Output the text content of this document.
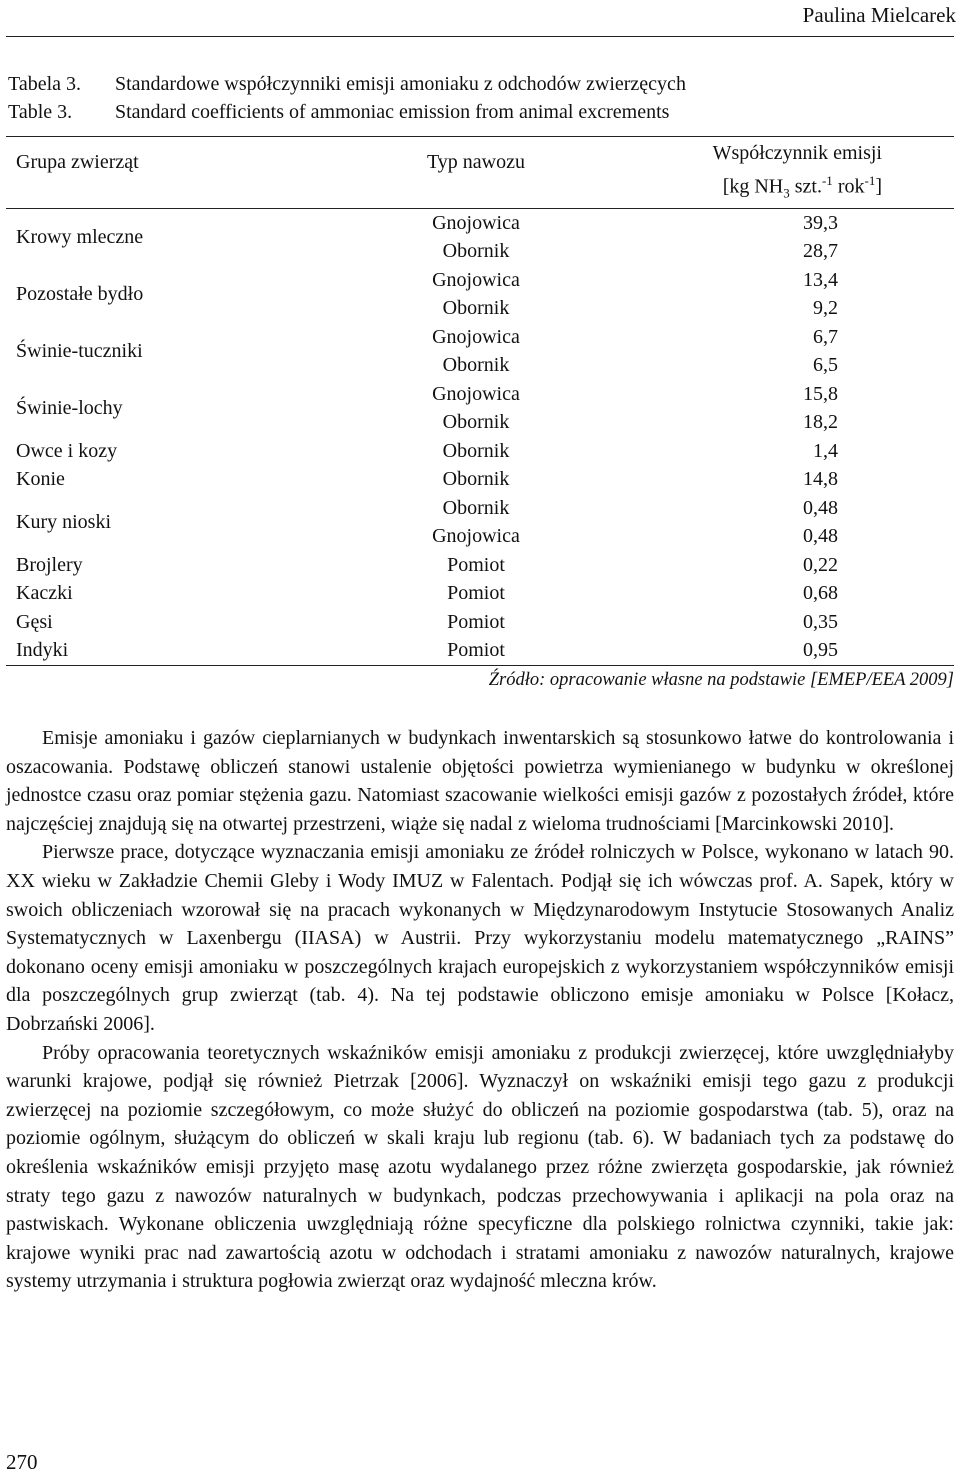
Paulina Mielcarek
Tabela 3.	Standardowe współczynniki emisji amoniaku z odchodów zwierzęcych
Table 3.	Standard coefficients of ammoniac emission from animal excrements
Grupa zwierząt	Typ nawozu	Współczynnik emisji
[kg $NH_3$ szt.$^{-1}$ rok$^{-1}$]

Krowy mleczne	Gnojowica	39,3
	Obornik	28,7
Pozostałe bydło	Gnojowica	13,4
	Obornik	9,2
Świnie-tuczniki	Gnojowica	6,7
	Obornik	6,5
Świnie-lochy	Gnojowica	15,8
	Obornik	18,2
Owce i kozy	Obornik	1,4
Konie	Obornik	14,8
Kury nioski	Obornik	0,48
	Gnojowica	0,48
Brojlery	Pomiot	0,22
Kaczki	Pomiot	0,68
Gęsi	Pomiot	0,35
Indyki	Pomiot	0,95
Źródło: opracowanie własne na podstawie [EMEP/EEA 2009]

Emisje amoniaku i gazów cieplarnianych w budynkach inwentarskich są stosunkowo łatwe do kontrolowania i oszacowania. Podstawę obliczeń stanowi ustalenie objętości powietrza wymienianego w budynku w określonej jednostce czasu oraz pomiar stężenia gazu. Natomiast szacowanie wielkości emisji gazów z pozostałych źródeł, które najczęściej znajdują się na otwartej przestrzeni, wiąże się nadal z wieloma trudnościami [Marcinkowski 2010].

Pierwsze prace, dotyczące wyznaczania emisji amoniaku ze źródeł rolniczych w Polsce, wykonano w latach 90. XX wieku w Zakładzie Chemii Gleby i Wody IMUZ w Falentach. Podjął się ich wówczas prof. A. Sapek, który w swoich obliczeniach wzorował się na pracach wykonanych w Międzynarodowym Instytucie Stosowanych Analiz Systematycznych w Laxenbergu (IIASA) w Austrii. Przy wykorzystaniu modelu matematycznego „RAINS” dokonano oceny emisji amoniaku w poszczególnych krajach europejskich z wykorzystaniem współczynników emisji dla poszczególnych grup zwierząt (tab. 4). Na tej podstawie obliczono emisje amoniaku w Polsce [Kołacz, Dobrzański 2006].

Próby opracowania teoretycznych wskaźników emisji amoniaku z produkcji zwierzęcej, które uwzględniałyby warunki krajowe, podjął się również Pietrzak [2006]. Wyznaczył on wskaźniki emisji tego gazu z produkcji zwierzęcej na poziomie szczegółowym, co może służyć do obliczeń na poziomie gospodarstwa (tab. 5), oraz na poziomie ogólnym, służącym do obliczeń w skali kraju lub regionu (tab. 6). W badaniach tych za podstawę do określenia wskaźników emisji przyjęto masę azotu wydalanego przez różne zwierzęta gospodarskie, jak również straty tego gazu z nawozów naturalnych w budynkach, podczas przechowywania i aplikacji na pola oraz na pastwiskach. Wykonane obliczenia uwzględniają różne specyficzne dla polskiego rolnictwa czynniki, takie jak: krajowe wyniki prac nad zawartością azotu w odchodach i stratami amoniaku z nawozów naturalnych, krajowe systemy utrzymania i struktura pogłowia zwierząt oraz wydajność mleczna krów.

270
